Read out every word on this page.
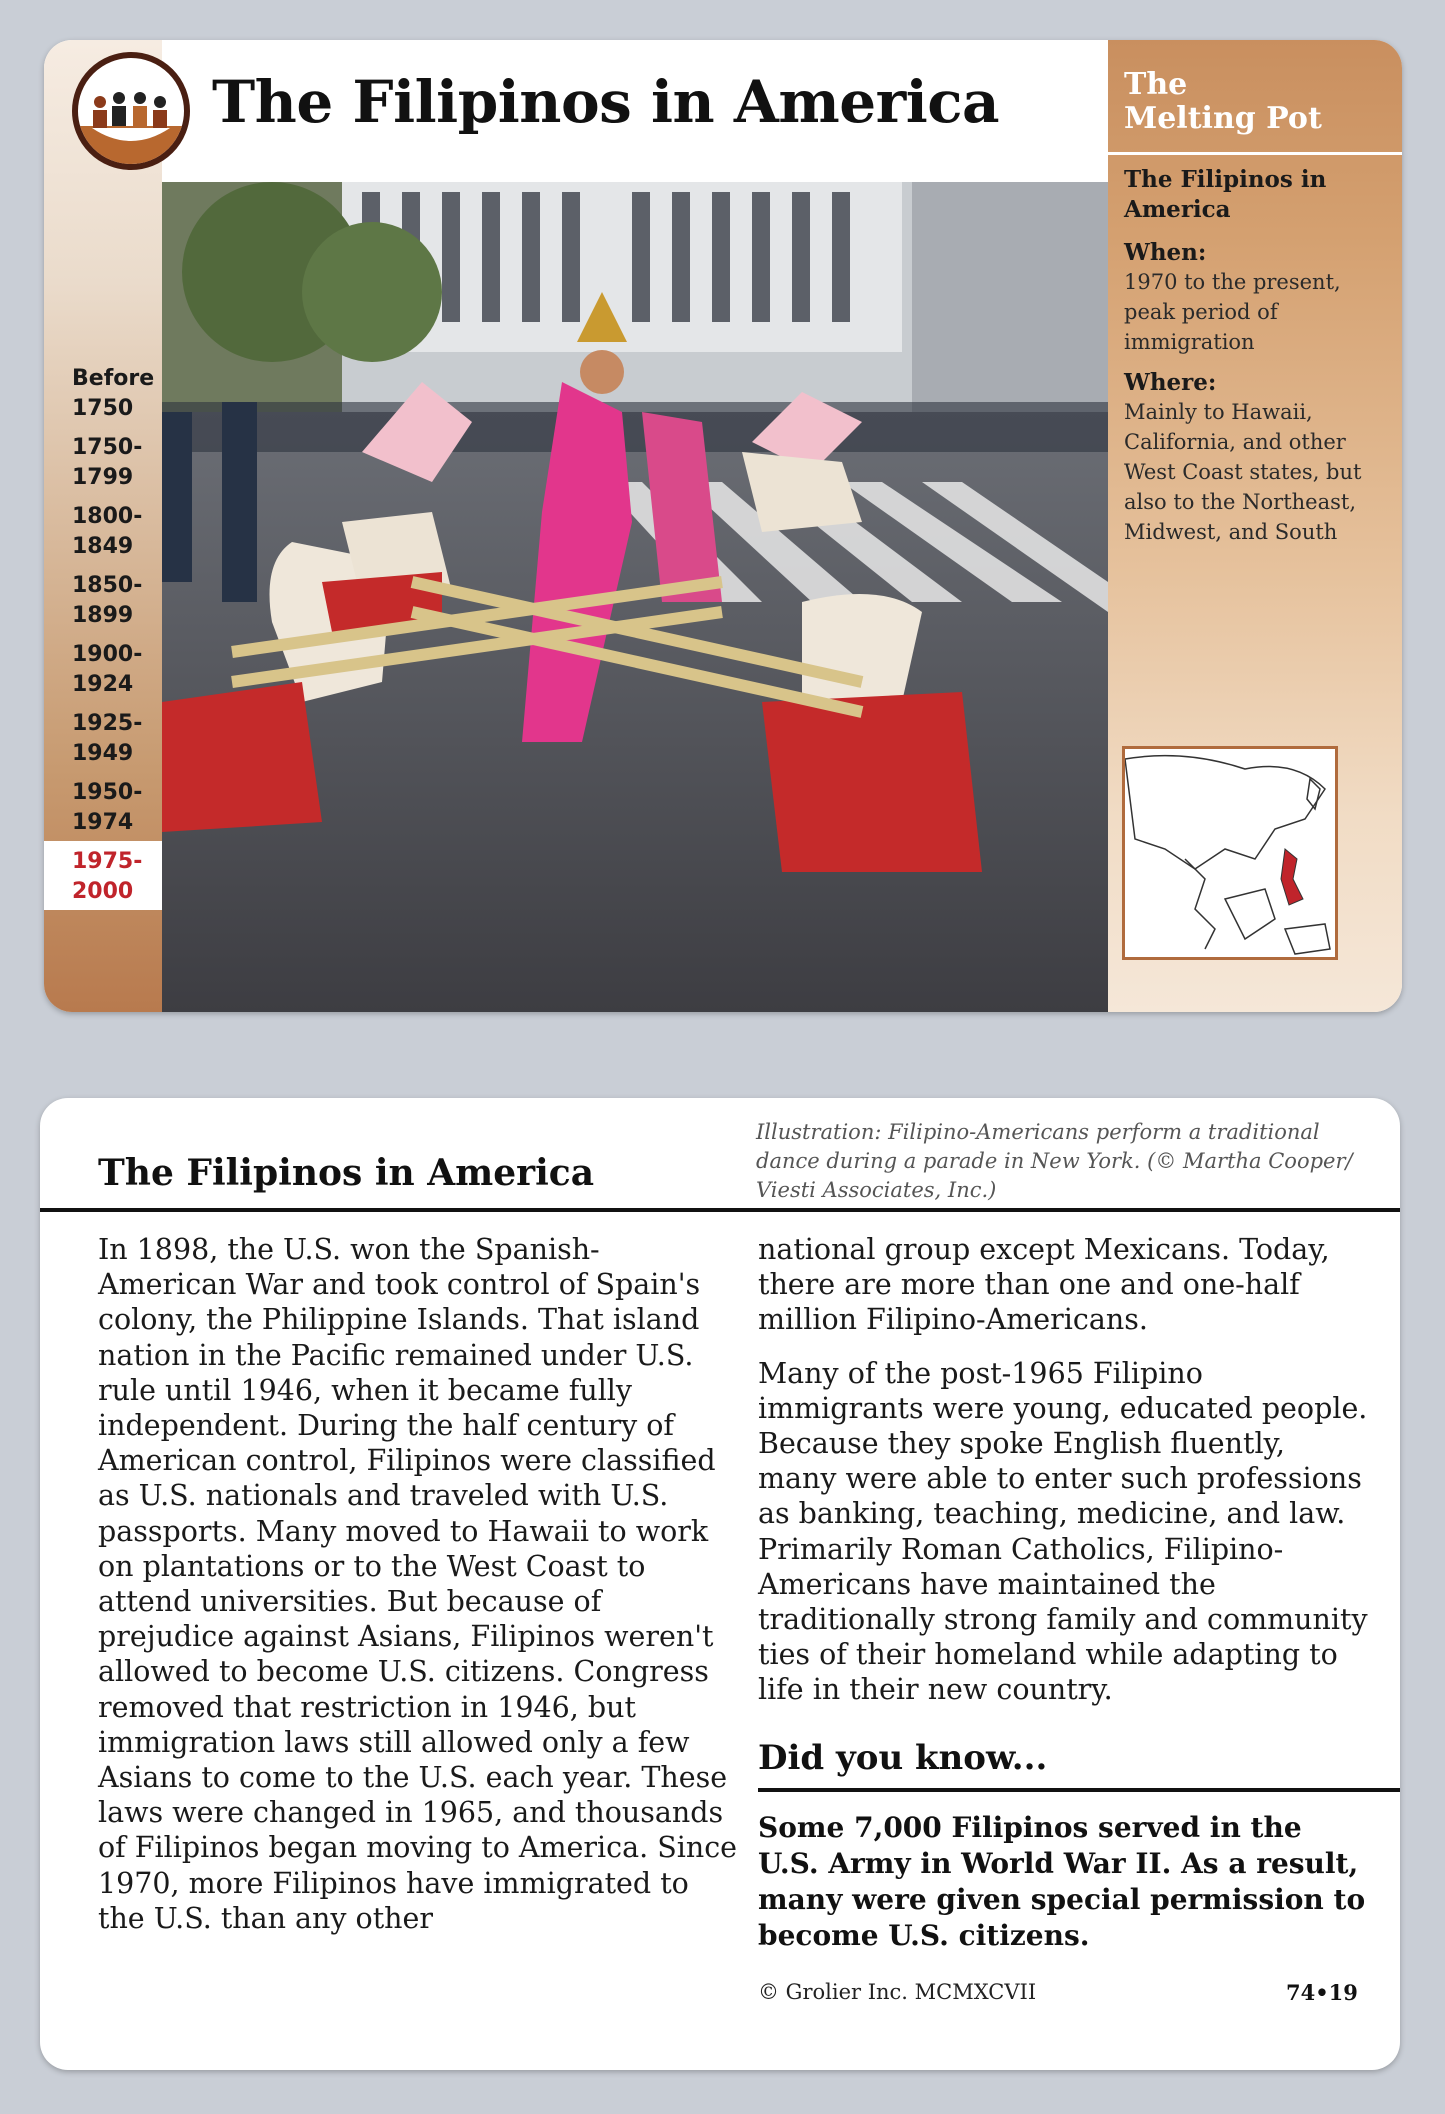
The Filipinos in America
Before 1750
1750-1799
1800-1849
1850-1899
1900-1924
1925-1949
1950-1974
1975-2000
The Melting Pot
The Filipinos in America
When:
1970 to the present, peak period of immigration
Where:
Mainly to Hawaii, California, and other West Coast states, but also to the Northeast, Midwest, and South
The Filipinos in America
Illustration: Filipino-Americans perform a traditional dance during a parade in New York. (© Martha Cooper/ Viesti Associates, Inc.)

In 1898, the U.S. won the Spanish-American War and took control of Spain's colony, the Philippine Islands. That island nation in the Pacific remained under U.S. rule until 1946, when it became fully independent. During the half century of American control, Filipinos were classified as U.S. nationals and traveled with U.S. passports. Many moved to Hawaii to work on plantations or to the West Coast to attend universities. But because of prejudice against Asians, Filipinos weren't allowed to become U.S. citizens. Congress removed that restriction in 1946, but immigration laws still allowed only a few Asians to come to the U.S. each year. These laws were changed in 1965, and thousands of Filipinos began moving to America. Since 1970, more Filipinos have immigrated to the U.S. than any other

national group except Mexicans. Today, there are more than one and one-half million Filipino-Americans.

Many of the post-1965 Filipino immigrants were young, educated people. Because they spoke English fluently, many were able to enter such professions as banking, teaching, medicine, and law. Primarily Roman Catholics, Filipino-Americans have maintained the traditionally strong family and community ties of their homeland while adapting to life in their new country.

Did you know...
Some 7,000 Filipinos served in the U.S. Army in World War II. As a result, many were given special permission to become U.S. citizens.
© Grolier Inc. MCMXCVII	74•19
